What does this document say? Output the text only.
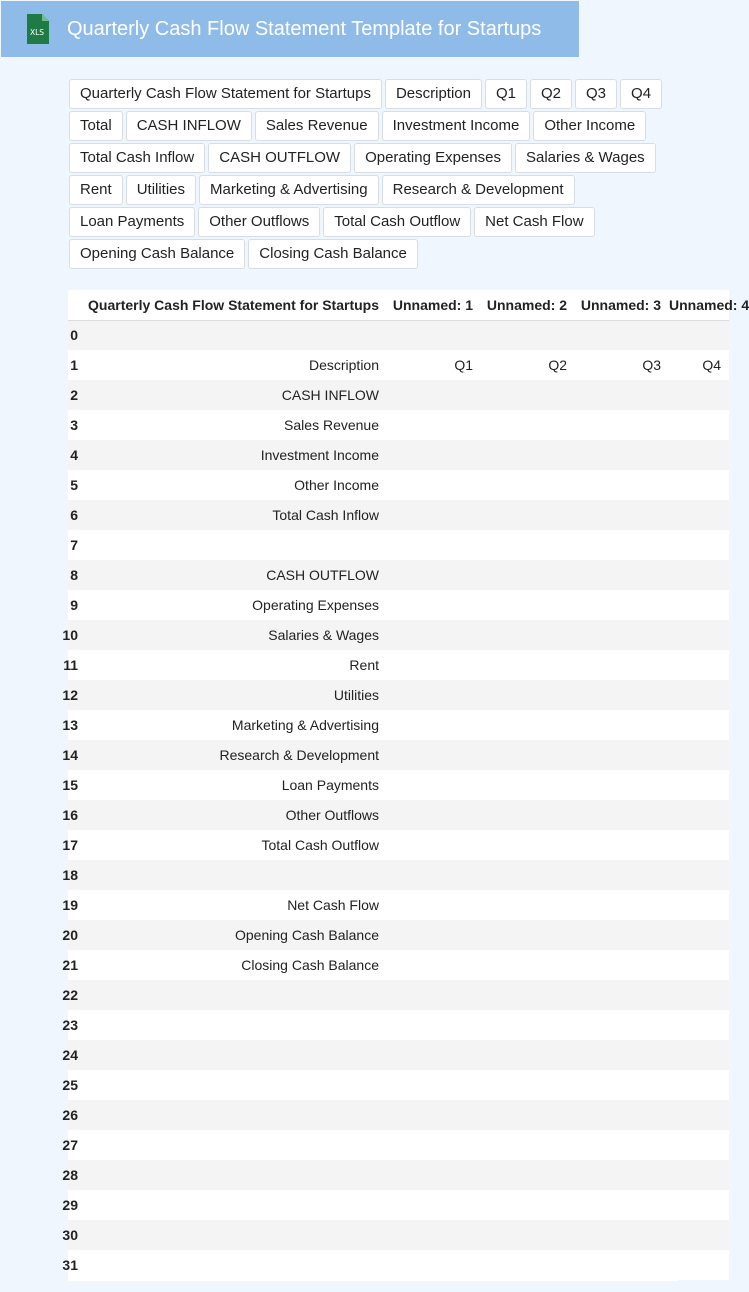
XLS Quarterly Cash Flow Statement Template for Startups
Quarterly Cash Flow Statement for Startups	Description	Q1	Q2	Q3	Q4
Total	CASH INFLOW	Sales Revenue	Investment Income	Other Income
Total Cash Inflow	CASH OUTFLOW	Operating Expenses	Salaries & Wages
Rent	Utilities	Marketing & Advertising	Research & Development
Loan Payments	Other Outflows	Total Cash Outflow	Net Cash Flow
Opening Cash Balance	Closing Cash Balance
	Quarterly Cash Flow Statement for Startups	Unnamed: 1	Unnamed: 2	Unnamed: 3	Unnamed: 4
0					
1	Description	Q1	Q2	Q3	Q4
2	CASH INFLOW				
3	Sales Revenue				
4	Investment Income				
5	Other Income				
6	Total Cash Inflow				
7					
8	CASH OUTFLOW				
9	Operating Expenses				
10	Salaries & Wages				
11	Rent				
12	Utilities				
13	Marketing & Advertising				
14	Research & Development				
15	Loan Payments				
16	Other Outflows				
17	Total Cash Outflow				
18					
19	Net Cash Flow				
20	Opening Cash Balance				
21	Closing Cash Balance				
22					
23					
24					
25					
26					
27					
28					
29					
30					
31					
